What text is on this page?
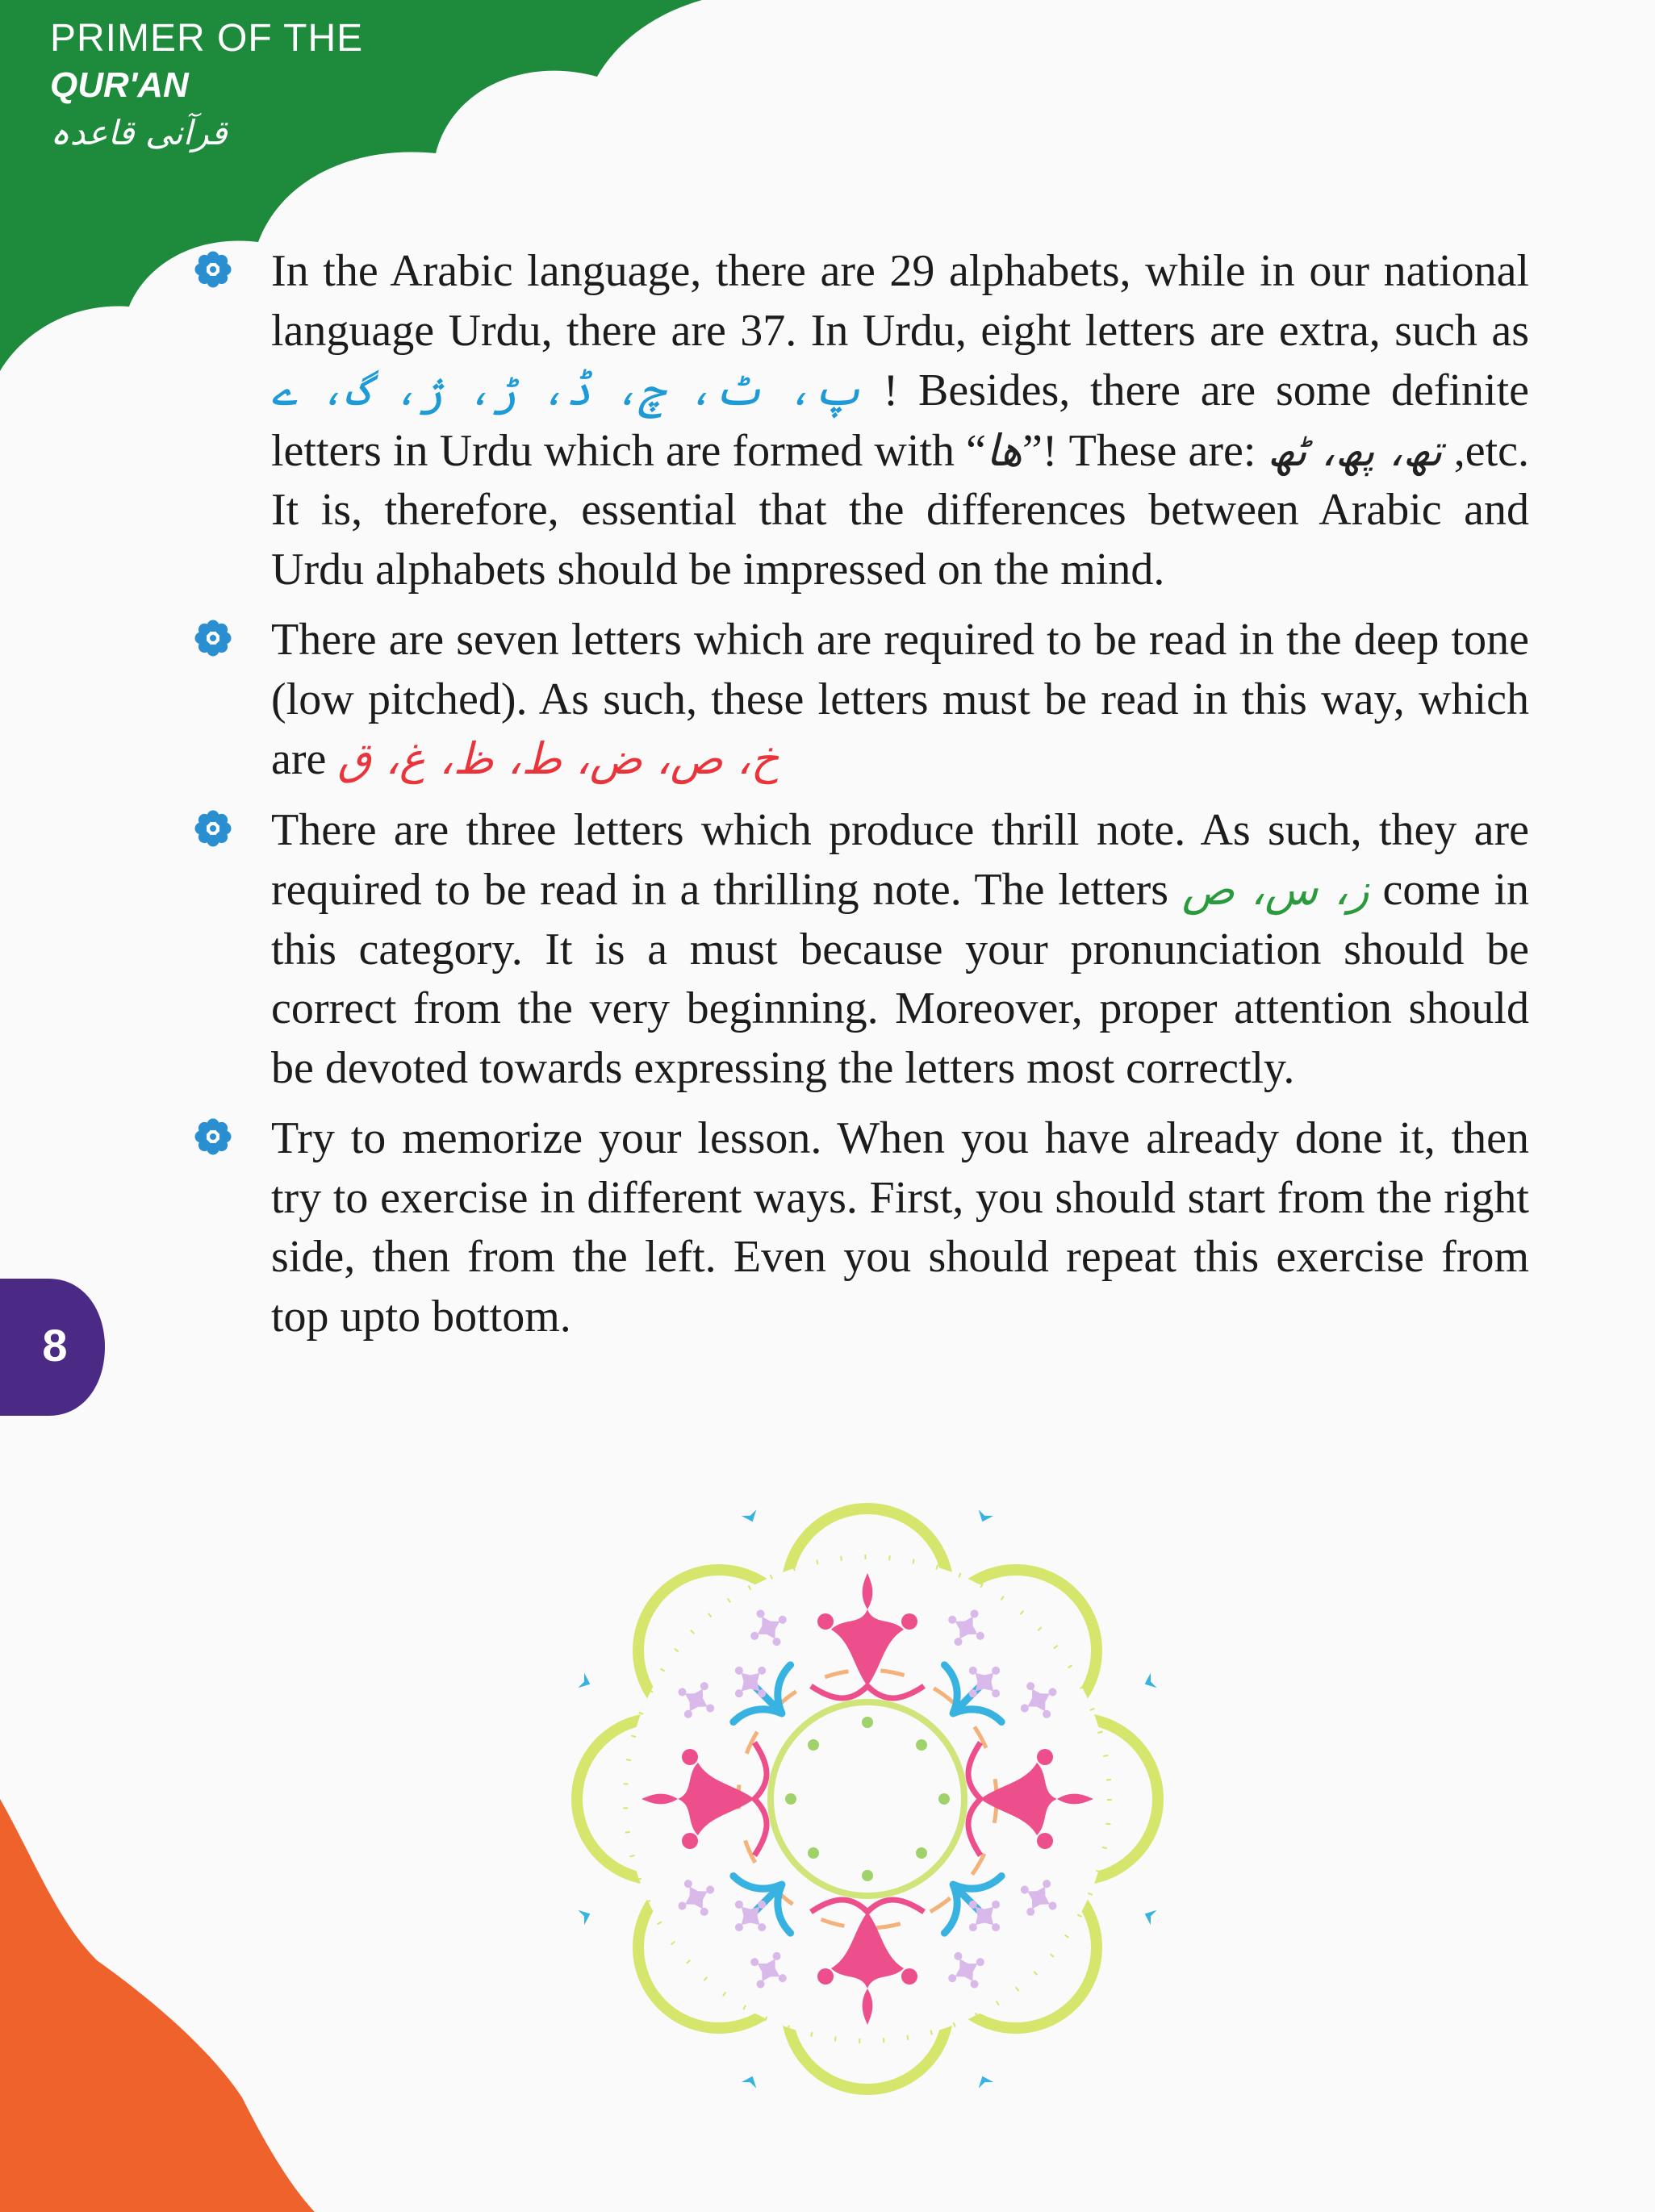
PRIMER OF THE
QUR'AN
قرآنی قاعدہ
8

In the Arabic language, there are 29 alphabets, while in our national language Urdu, there are 37. In Urdu, eight letters are extra, such as پ، ٹ، چ، ڈ، ڑ، ژ، گ، ے ! Besides, there are some definite letters in Urdu which are formed with “ھا”! These are: تھ، پھ، ٹھ ,etc. It is, therefore, essential that the differences between Arabic and Urdu alphabets should be impressed on the mind.

There are seven letters which are required to be read in the deep tone (low pitched). As such, these letters must be read in this way, which are خ، ص، ض، ط، ظ، غ، ق

There are three letters which produce thrill note. As such, they are required to be read in a thrilling note. The letters ز، س، ص come in this category. It is a must because your pronunciation should be correct from the very beginning. Moreover, proper attention should be devoted towards expressing the letters most correctly.

Try to memorize your lesson. When you have already done it, then try to exercise in different ways. First, you should start from the right side, then from the left. Even you should repeat this exercise from top upto bottom.
